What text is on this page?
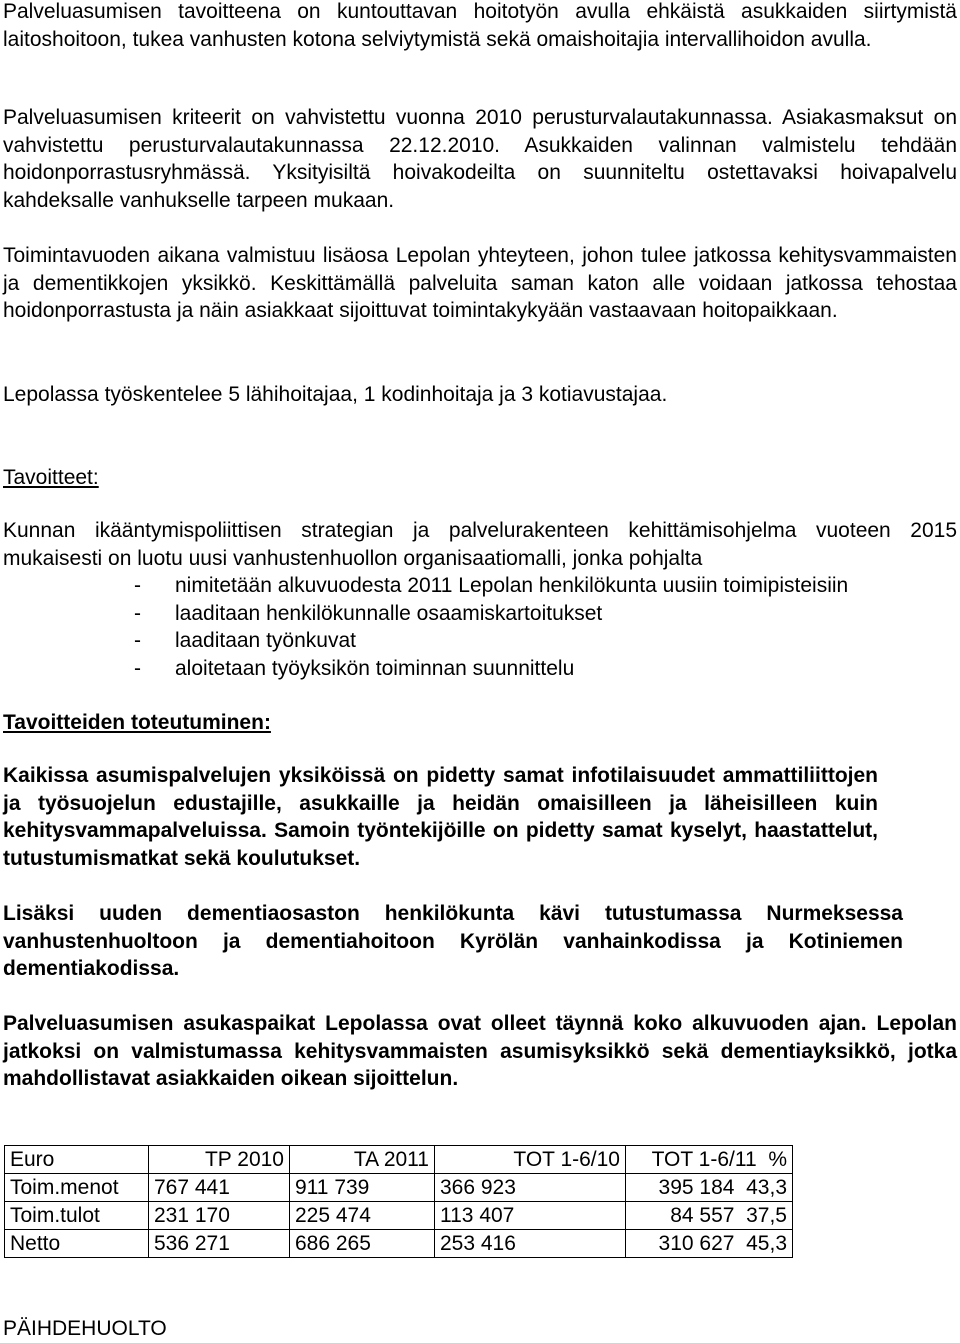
Palveluasumisen tavoitteena on kuntouttavan hoitotyön avulla ehkäistä asukkaiden siirtymistä laitoshoitoon, tukea vanhusten kotona selviytymistä sekä omaishoitajia intervallihoidon avulla.

Palveluasumisen kriteerit on vahvistettu vuonna 2010 perusturvalautakunnassa. Asiakasmaksut on vahvistettu perusturvalautakunnassa 22.12.2010. Asukkaiden valinnan valmistelu tehdään hoidonporrastusryhmässä. Yksityisiltä hoivakodeilta on suunniteltu ostettavaksi hoivapalvelu kahdeksalle vanhukselle tarpeen mukaan.

Toimintavuoden aikana valmistuu lisäosa Lepolan yhteyteen, johon tulee jatkossa kehitysvammaisten ja dementikkojen yksikkö. Keskittämällä palveluita saman katon alle voidaan jatkossa tehostaa hoidonporrastusta ja näin asiakkaat sijoittuvat toimintakykyään vastaavaan hoitopaikkaan.

Lepolassa työskentelee 5 lähihoitajaa, 1 kodinhoitaja ja 3 kotiavustajaa.

Tavoitteet:

Kunnan ikääntymispoliittisen strategian ja palvelurakenteen kehittämisohjelma vuoteen 2015 mukaisesti on luotu uusi vanhustenhuollon organisaatiomalli, jonka pohjalta

- nimitetään alkuvuodesta 2011 Lepolan henkilökunta uusiin toimipisteisiin
- laaditaan henkilökunnalle osaamiskartoitukset
- laaditaan työnkuvat
- aloitetaan työyksikön toiminnan suunnittelu

Tavoitteiden toteutuminen:

Kaikissa asumispalvelujen yksiköissä on pidetty samat infotilaisuudet ammattiliittojen ja työsuojelun edustajille, asukkaille ja heidän omaisilleen ja läheisilleen kuin kehitysvammapalveluissa. Samoin työntekijöille on pidetty samat kyselyt, haastattelut, tutustumismatkat sekä koulutukset.

Lisäksi uuden dementiaosaston henkilökunta kävi tutustumassa Nurmeksessa vanhustenhuoltoon ja dementiahoitoon Kyrölän vanhainkodissa ja Kotiniemen dementiakodissa.

Palveluasumisen asukaspaikat Lepolassa ovat olleet täynnä koko alkuvuoden ajan. Lepolan jatkoksi on valmistumassa kehitysvammaisten asumisyksikkö sekä dementiayksikkö, jotka mahdollistavat asiakkaiden oikean sijoittelun.

Euro	TP 2010	TA 2011	TOT 1-6/10	TOT 1-6/11  %
Toim.menot	767 441	911 739	366 923	395 184  43,3
Toim.tulot	231 170	225 474	113 407	84 557  37,5
Netto	536 271	686 265	253 416	310 627  45,3

PÄIHDEHUOLTO
